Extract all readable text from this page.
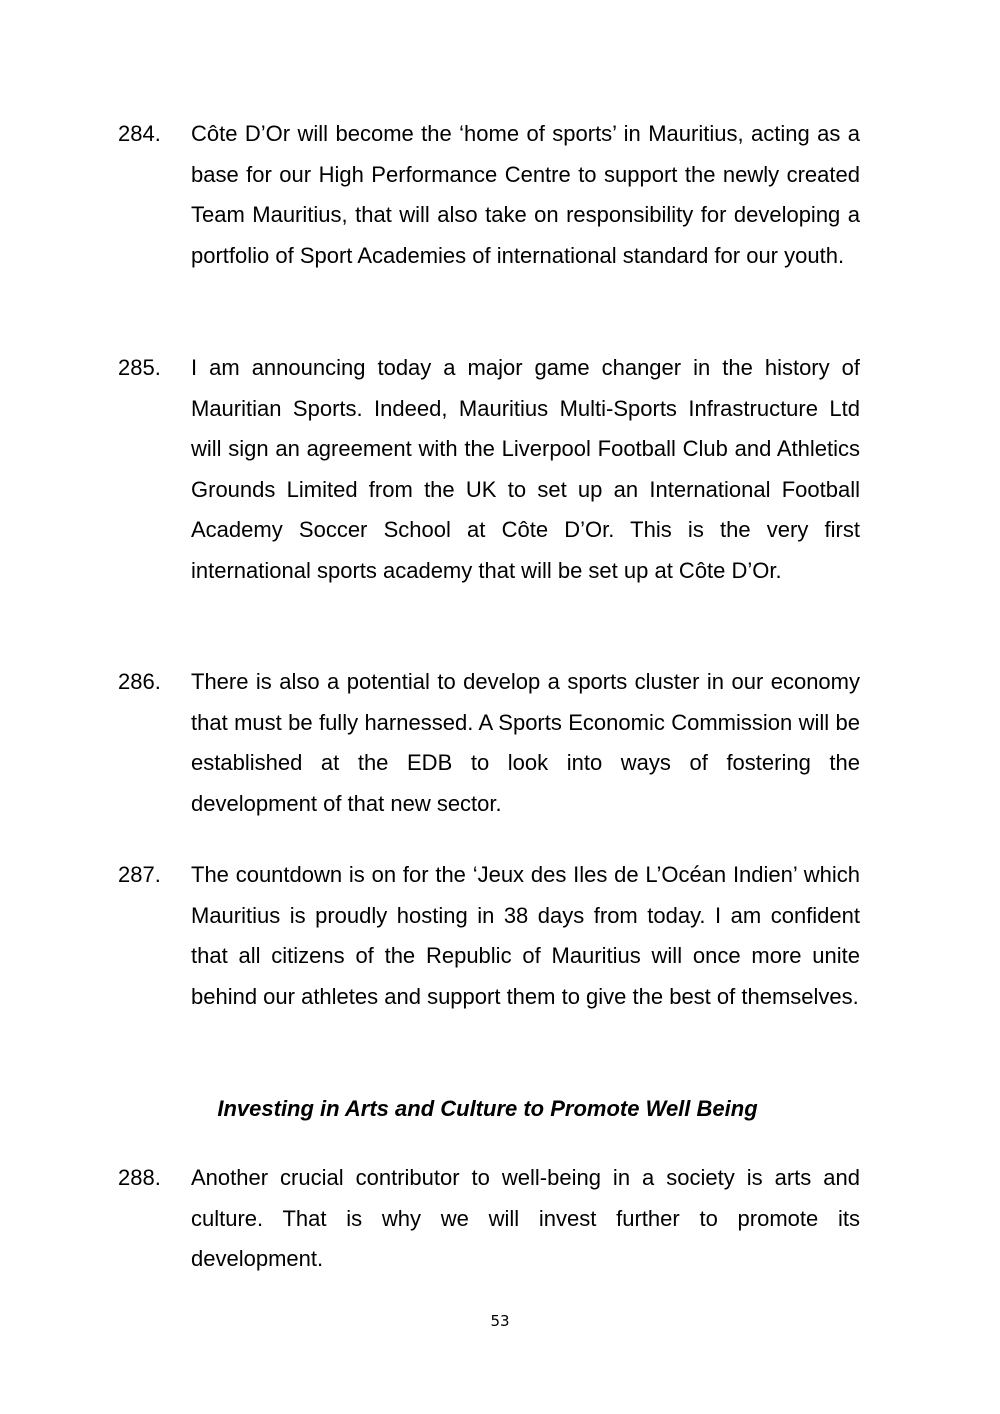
284. Côte D’Or will become the ‘home of sports’ in Mauritius, acting as a base for our High Performance Centre to support the newly created Team Mauritius, that will also take on responsibility for developing a portfolio of Sport Academies of international standard for our youth.
285. I am announcing today a major game changer in the history of Mauritian Sports. Indeed, Mauritius Multi-Sports Infrastructure Ltd will sign an agreement with the Liverpool Football Club and Athletics Grounds Limited from the UK to set up an International Football Academy Soccer School at Côte D’Or. This is the very first international sports academy that will be set up at Côte D’Or.
286. There is also a potential to develop a sports cluster in our economy that must be fully harnessed. A Sports Economic Commission will be established at the EDB to look into ways of fostering the development of that new sector.
287. The countdown is on for the ‘Jeux des Iles de L’Océan Indien’ which Mauritius is proudly hosting in 38 days from today. I am confident that all citizens of the Republic of Mauritius will once more unite behind our athletes and support them to give the best of themselves.
Investing in Arts and Culture to Promote Well Being
288. Another crucial contributor to well-being in a society is arts and culture. That is why we will invest further to promote its development.
53
